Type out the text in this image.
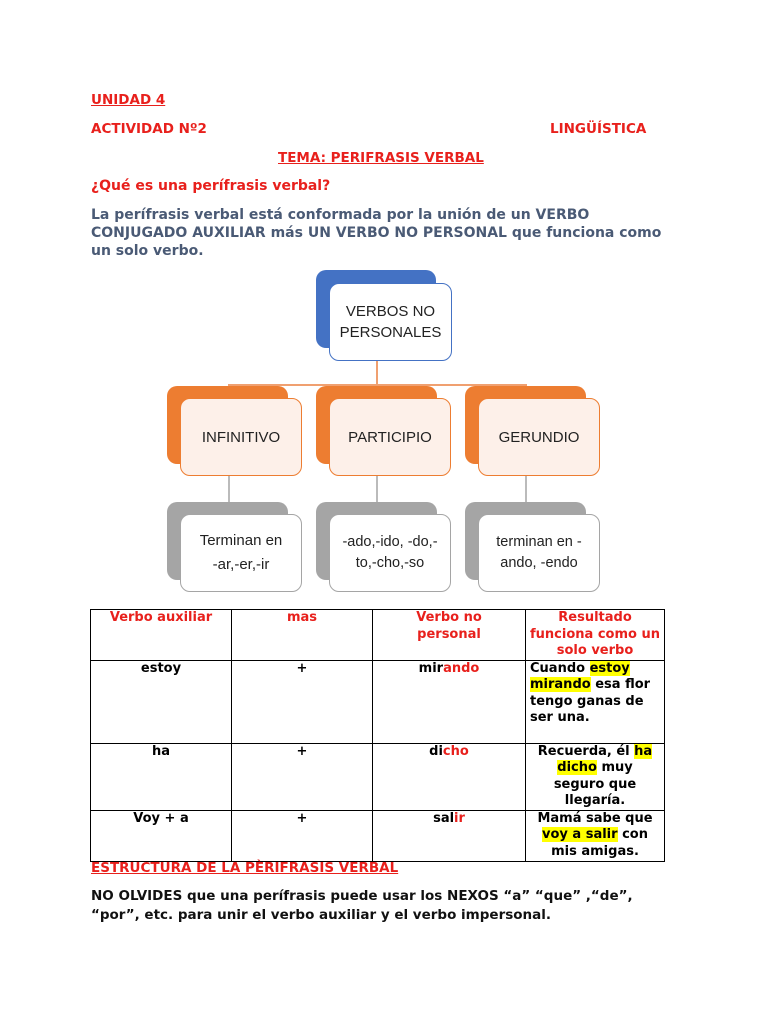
UNIDAD 4
ACTIVIDAD Nº2	LINGÜÍSTICA
TEMA: PERIFRASIS VERBAL
¿Qué es una perífrasis verbal?
La perífrasis verbal está conformada por la unión de un VERBO CONJUGADO AUXILIAR más UN VERBO NO PERSONAL que funciona como un solo verbo.
VERBOS NO
PERSONALES
INFINITIVO	PARTICIPIO	GERUNDIO
Terminan en
-ar,-er,-ir
-ado,-ido, -do,-
to,-cho,-so
terminan en -
ando, -endo
Verbo auxiliar	mas	Verbo no personal	Resultado funciona como un solo verbo
estoy	+	mirando	Cuando estoy mirando esa flor tengo ganas de ser una.
ha	+	dicho	Recuerda, él ha dicho muy seguro que llegaría.
Voy + a	+	salir	Mamá sabe que voy a salir con mis amigas.
ESTRUCTURA DE LA PÈRIFRASIS VERBAL
NO OLVIDES que una perífrasis puede usar los NEXOS “a” “que” ,“de”, “por”, etc. para unir el verbo auxiliar y el verbo impersonal.
